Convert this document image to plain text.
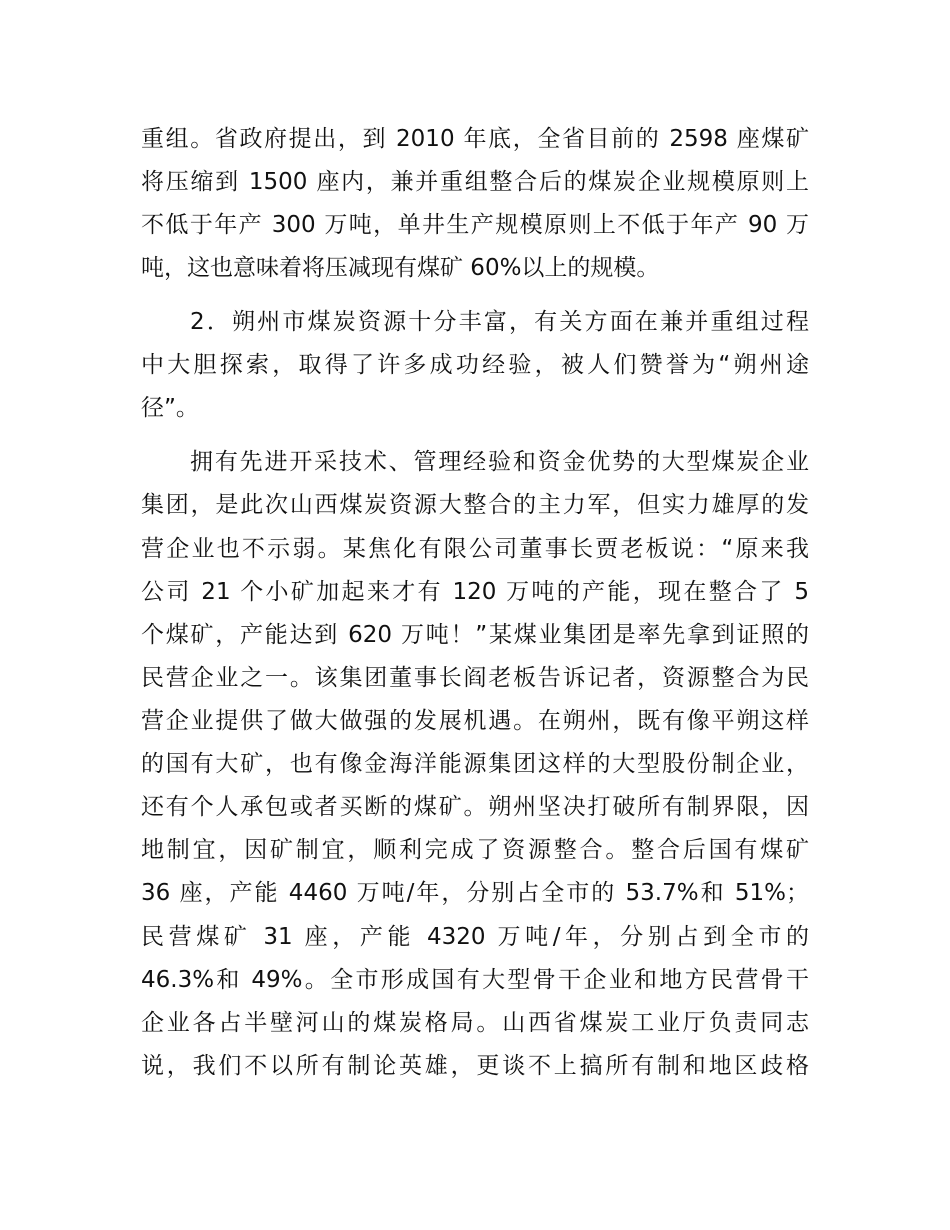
重组。省政府提出，到 2010 年底，全省目前的 2598 座煤矿
将压缩到 1500 座内，兼并重组整合后的煤炭企业规模原则上
不低于年产 300 万吨，单井生产规模原则上不低于年产 90 万
吨，这也意味着将压减现有煤矿 60%以上的规模。
2．朔州市煤炭资源十分丰富，有关方面在兼并重组过程
中大胆探索，取得了许多成功经验，被人们赞誉为“朔州途
径”。
拥有先进开采技术、管理经验和资金优势的大型煤炭企业
集团，是此次山西煤炭资源大整合的主力军，但实力雄厚的发
营企业也不示弱。某焦化有限公司董事长贾老板说：“原来我
公司 21 个小矿加起来才有 120 万吨的产能，现在整合了 5
个煤矿，产能达到 620 万吨！”某煤业集团是率先拿到证照的
民营企业之一。该集团董事长阎老板告诉记者，资源整合为民
营企业提供了做大做强的发展机遇。在朔州，既有像平朔这样
的国有大矿，也有像金海洋能源集团这样的大型股份制企业，
还有个人承包或者买断的煤矿。朔州坚决打破所有制界限，因
地制宜，因矿制宜，顺利完成了资源整合。整合后国有煤矿
36 座，产能 4460 万吨/年，分别占全市的 53.7%和 51%；
民营煤矿 31 座，产能 4320 万吨/年，分别占到全市的
46.3%和 49%。全市形成国有大型骨干企业和地方民营骨干
企业各占半壁河山的煤炭格局。山西省煤炭工业厅负责同志
说，我们不以所有制论英雄，更谈不上搞所有制和地区歧格
